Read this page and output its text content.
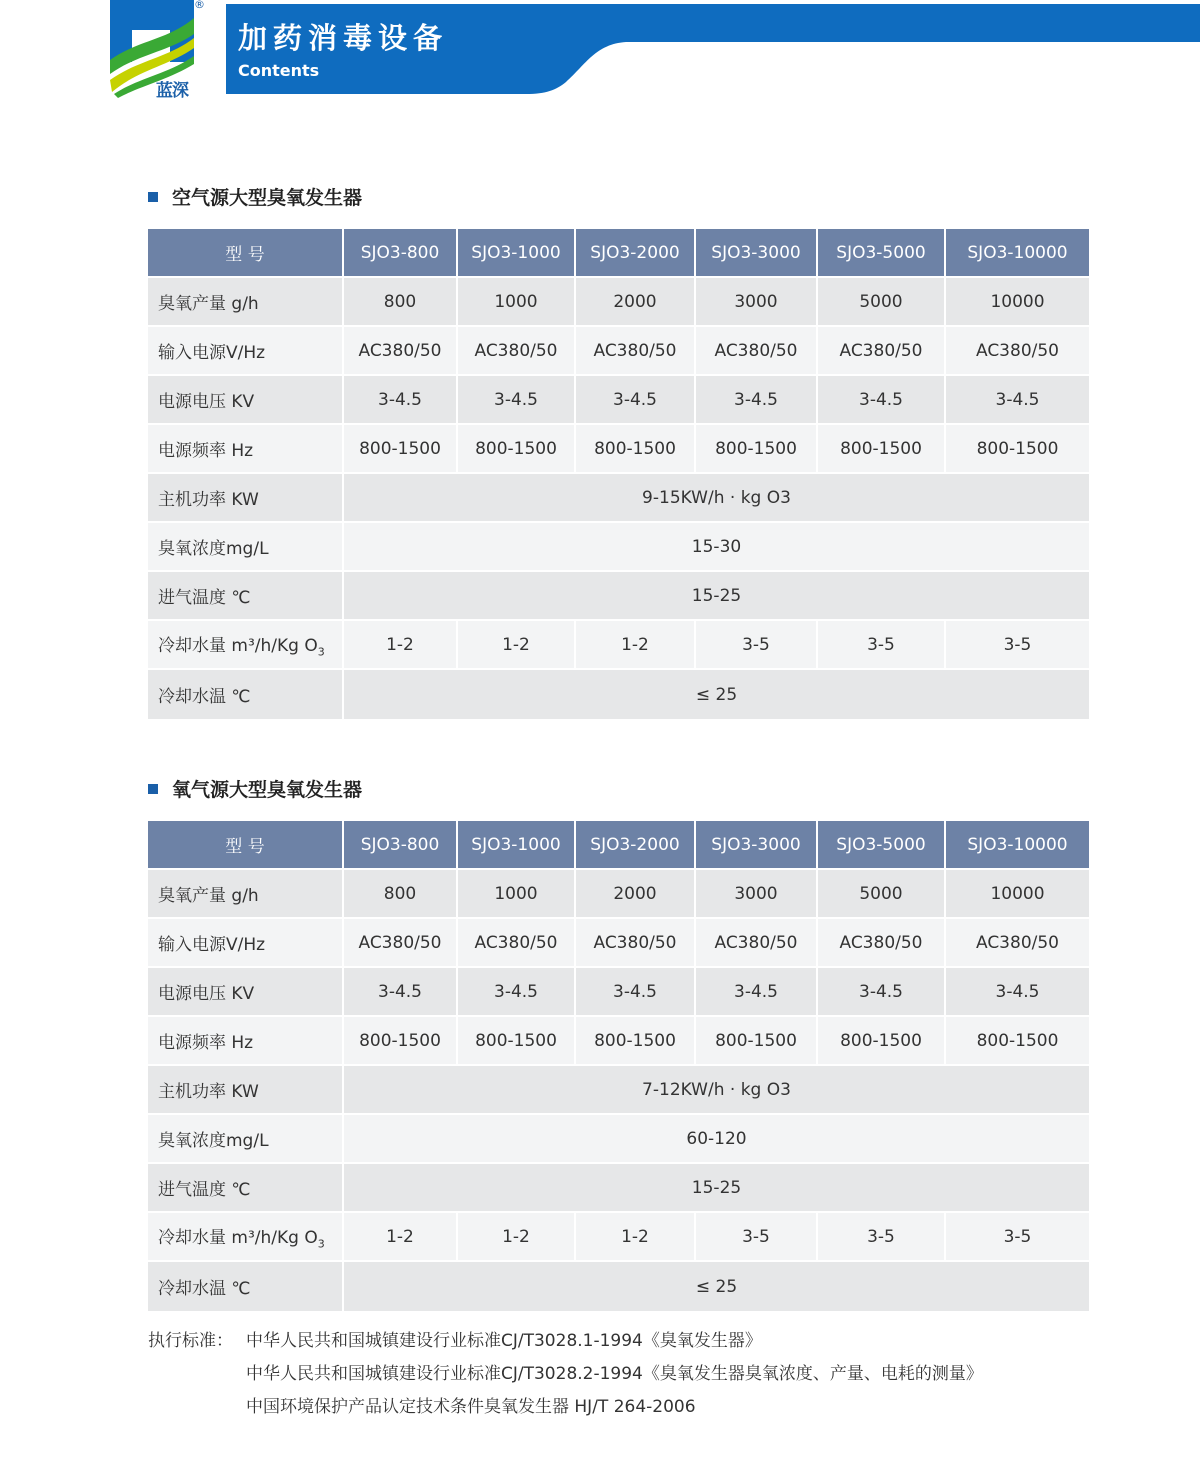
®
蓝深
加药消毒设备
Contents
空气源大型臭氧发生器
型 号	SJO3-800	SJO3-1000	SJO3-2000	SJO3-3000	SJO3-5000	SJO3-10000
臭氧产量 g/h	800	1000	2000	3000	5000	10000
输入电源V/Hz	AC380/50	AC380/50	AC380/50	AC380/50	AC380/50	AC380/50
电源电压 KV	3-4.5	3-4.5	3-4.5	3-4.5	3-4.5	3-4.5
电源频率 Hz	800-1500	800-1500	800-1500	800-1500	800-1500	800-1500
主机功率 KW	9-15KW/h · kg O3					
臭氧浓度mg/L	15-30					
进气温度 ℃	15-25					
冷却水量 m³/h/Kg $O_3$	1-2	1-2	1-2	3-5	3-5	3-5
冷却水温 ℃	≤ 25					
氧气源大型臭氧发生器
型 号	SJO3-800	SJO3-1000	SJO3-2000	SJO3-3000	SJO3-5000	SJO3-10000
臭氧产量 g/h	800	1000	2000	3000	5000	10000
输入电源V/Hz	AC380/50	AC380/50	AC380/50	AC380/50	AC380/50	AC380/50
电源电压 KV	3-4.5	3-4.5	3-4.5	3-4.5	3-4.5	3-4.5
电源频率 Hz	800-1500	800-1500	800-1500	800-1500	800-1500	800-1500
主机功率 KW	7-12KW/h · kg O3					
臭氧浓度mg/L	60-120					
进气温度 ℃	15-25					
冷却水量 m³/h/Kg $O_3$	1-2	1-2	1-2	3-5	3-5	3-5
冷却水温 ℃	≤ 25					
执行标准： 中华人民共和国城镇建设行业标准CJ/T3028.1-1994《臭氧发生器》
中华人民共和国城镇建设行业标准CJ/T3028.2-1994《臭氧发生器臭氧浓度、产量、电耗的测量》
中国环境保护产品认定技术条件臭氧发生器 HJ/T 264-2006
